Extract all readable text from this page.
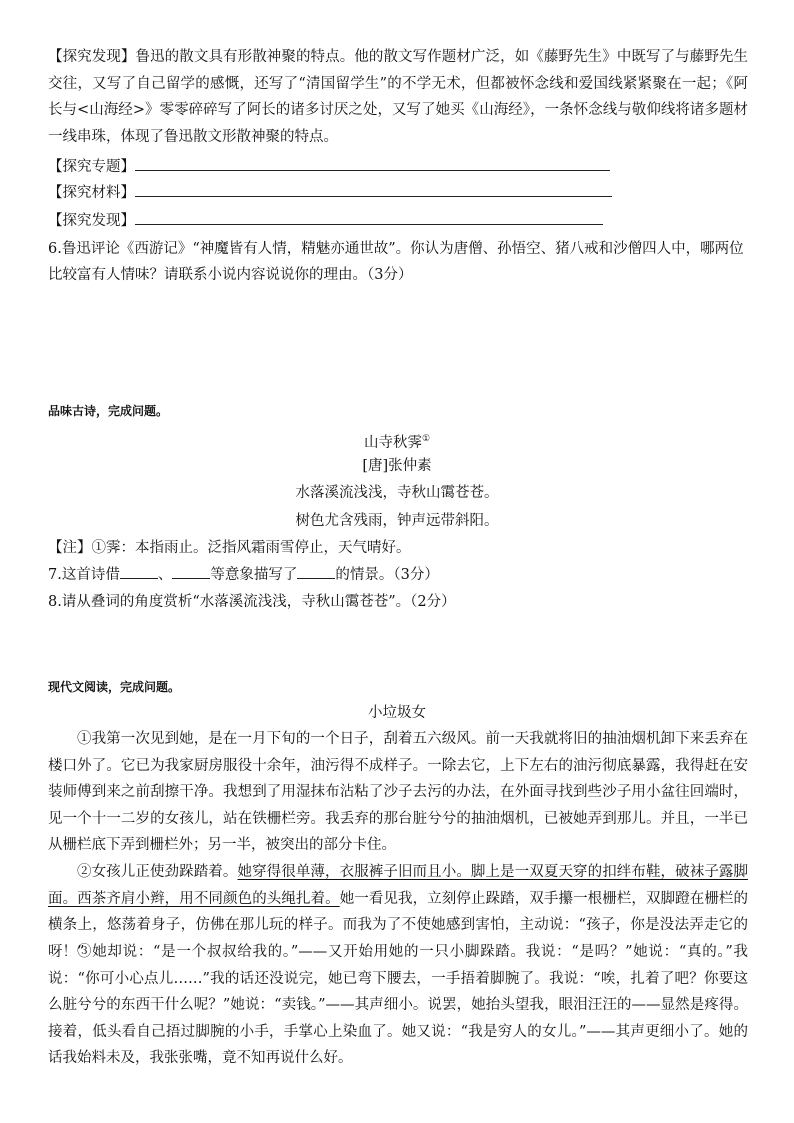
【探究发现】鲁迅的散文具有形散神聚的特点。他的散文写作题材广泛，如《藤野先生》中既写了与藤野先生交往，又写了自己留学的感慨，还写了“清国留学生”的不学无术，但都被怀念线和爱国线紧紧聚在一起；《阿长与<山海经>》零零碎碎写了阿长的诸多讨厌之处，又写了她买《山海经》，一条怀念线与敬仰线将诸多题材一线串珠，体现了鲁迅散文形散神聚的特点。

【探究专题】

【探究材料】

【探究发现】

6.鲁迅评论《西游记》“神魔皆有人情，精魅亦通世故”。你认为唐僧、孙悟空、猪八戒和沙僧四人中，哪两位

比较富有人情味？请联系小说内容说说你的理由。（3分）

品味古诗，完成问题。

山寺秋霁①

[唐]张仲素

水落溪流浅浅，寺秋山霭苍苍。

树色尤含残雨，钟声远带斜阳。

【注】①霁：本指雨止。泛指风霜雨雪停止，天气晴好。

7.这首诗借	、	等意象描写了	的情景。（3分）

8.请从叠词的角度赏析“水落溪流浅浅，寺秋山霭苍苍”。（2分）

现代文阅读，完成问题。

小垃圾女

①我第一次见到她，是在一月下旬的一个日子，刮着五六级风。前一天我就将旧的抽油烟机卸下来丢弃在楼口外了。它已为我家厨房服役十余年，油污得不成样子。一除去它，上下左右的油污彻底暴露，我得赶在安装师傅到来之前刮擦干净。我想到了用湿抹布沾粘了沙子去污的办法，在外面寻找到些沙子用小盆往回端时，见一个十一二岁的女孩儿，站在铁栅栏旁。我丢弃的那台脏兮兮的抽油烟机，已被她弄到那儿。并且，一半已从栅栏底下弄到栅栏外；另一半，被突出的部分卡住。

②女孩儿正使劲跺踏着。她穿得很单薄，衣服裤子旧而且小。脚上是一双夏天穿的扣绊布鞋，破袜子露脚面。西茶齐肩小辫，用不同颜色的头绳扎着。她一看见我，立刻停止跺踏，双手攥一根栅栏，双脚蹬在栅栏的横条上，悠荡着身子，仿佛在那儿玩的样子。而我为了不使她感到害怕，主动说：“孩子，你是没法弄走它的呀！”

③她却说：“是一个叔叔给我的。”——又开始用她的一只小脚跺踏。我说：“是吗？”她说：“真的。”我说：“你可小心点儿……”我的话还没说完，她已弯下腰去，一手捂着脚腕了。我说：“唉，扎着了吧？你要这么脏兮兮的东西干什么呢？”她说：“卖钱。”——其声细小。说罢，她抬头望我，眼泪汪汪的——显然是疼得。接着，低头看自己捂过脚腕的小手，手掌心上染血了。她又说：“我是穷人的女儿。”——其声更细小了。她的话我始料未及，我张张嘴，竟不知再说什么好。
